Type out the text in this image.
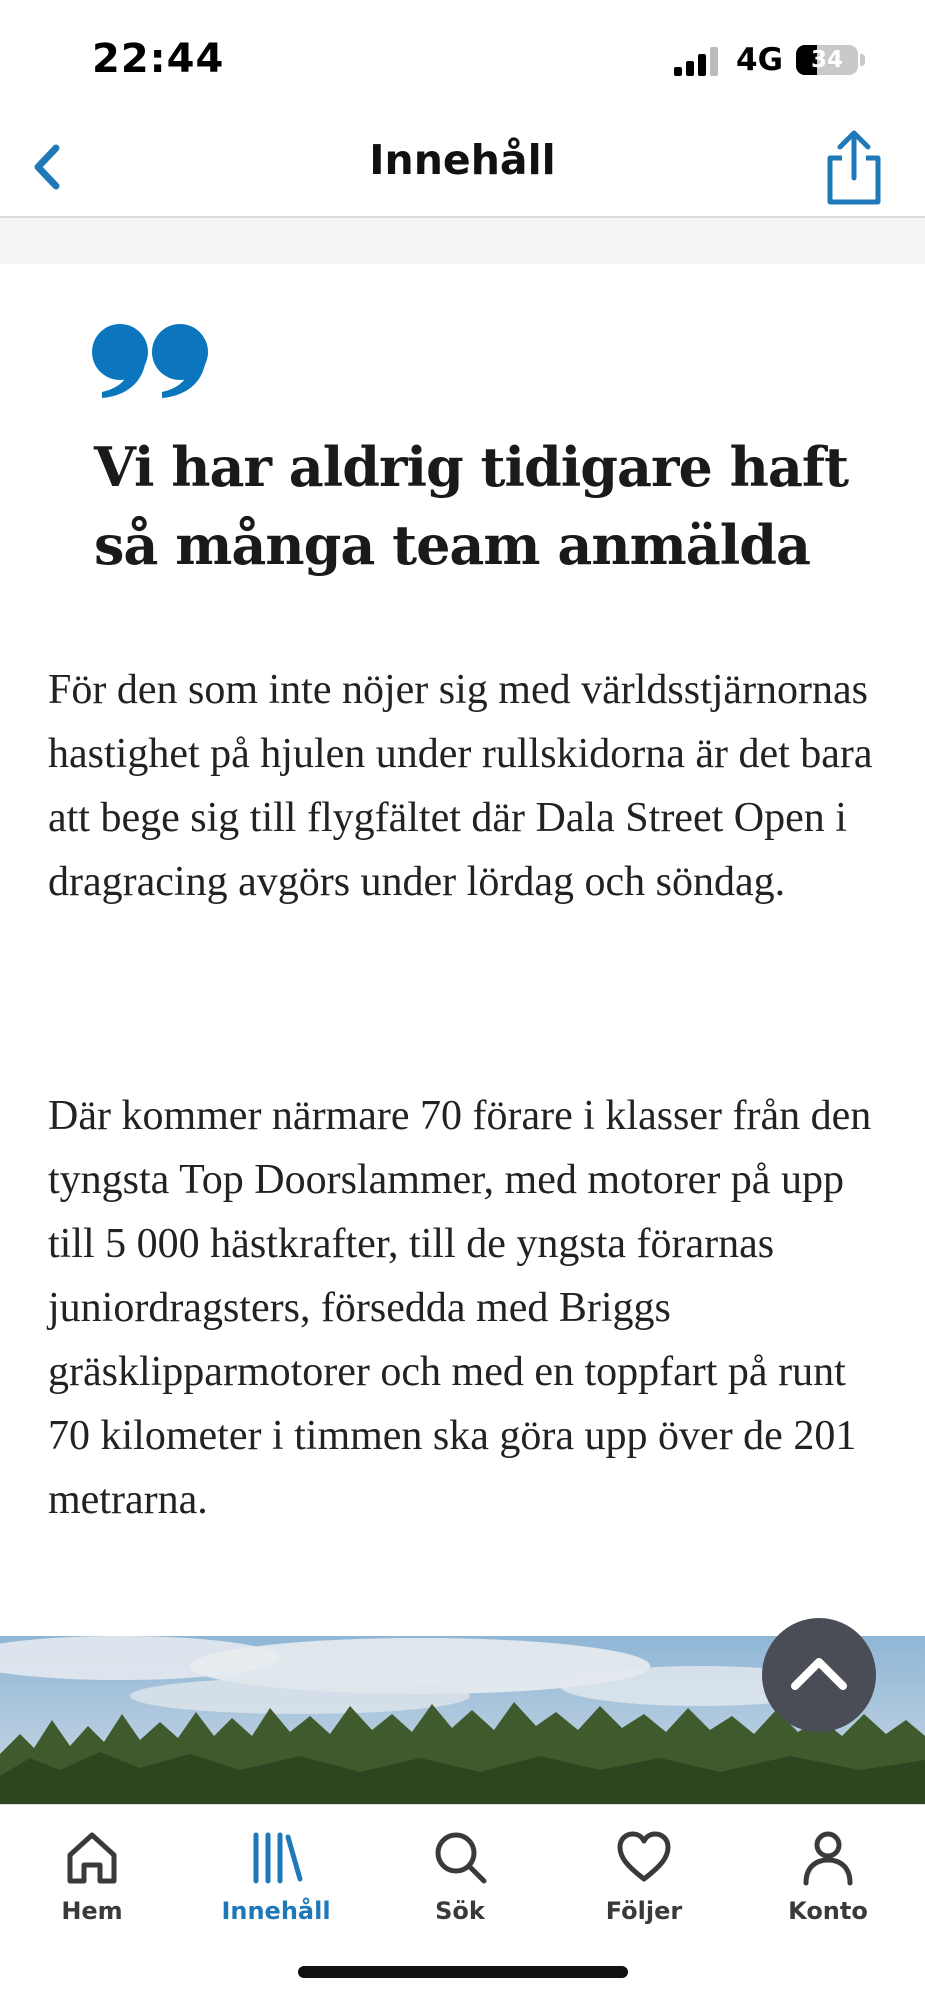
22:44	4G	34
Innehåll

Vi har aldrig tidigare haft så många team anmälda

För den som inte nöjer sig med världsstjärnornas hastighet på hjulen under rullskidorna är det bara att bege sig till flygfältet där Dala Street Open i dragracing avgörs under lördag och söndag.

Där kommer närmare 70 förare i klasser från den tyngsta Top Doorslammer, med motorer på upp till 5 000 hästkrafter, till de yngsta förarnas juniordragsters, försedda med Briggs gräsklipparmotorer och med en toppfart på runt 70 kilometer i timmen ska göra upp över de 201 metrarna.

Hem	Innehåll	Sök	Följer	Konto
